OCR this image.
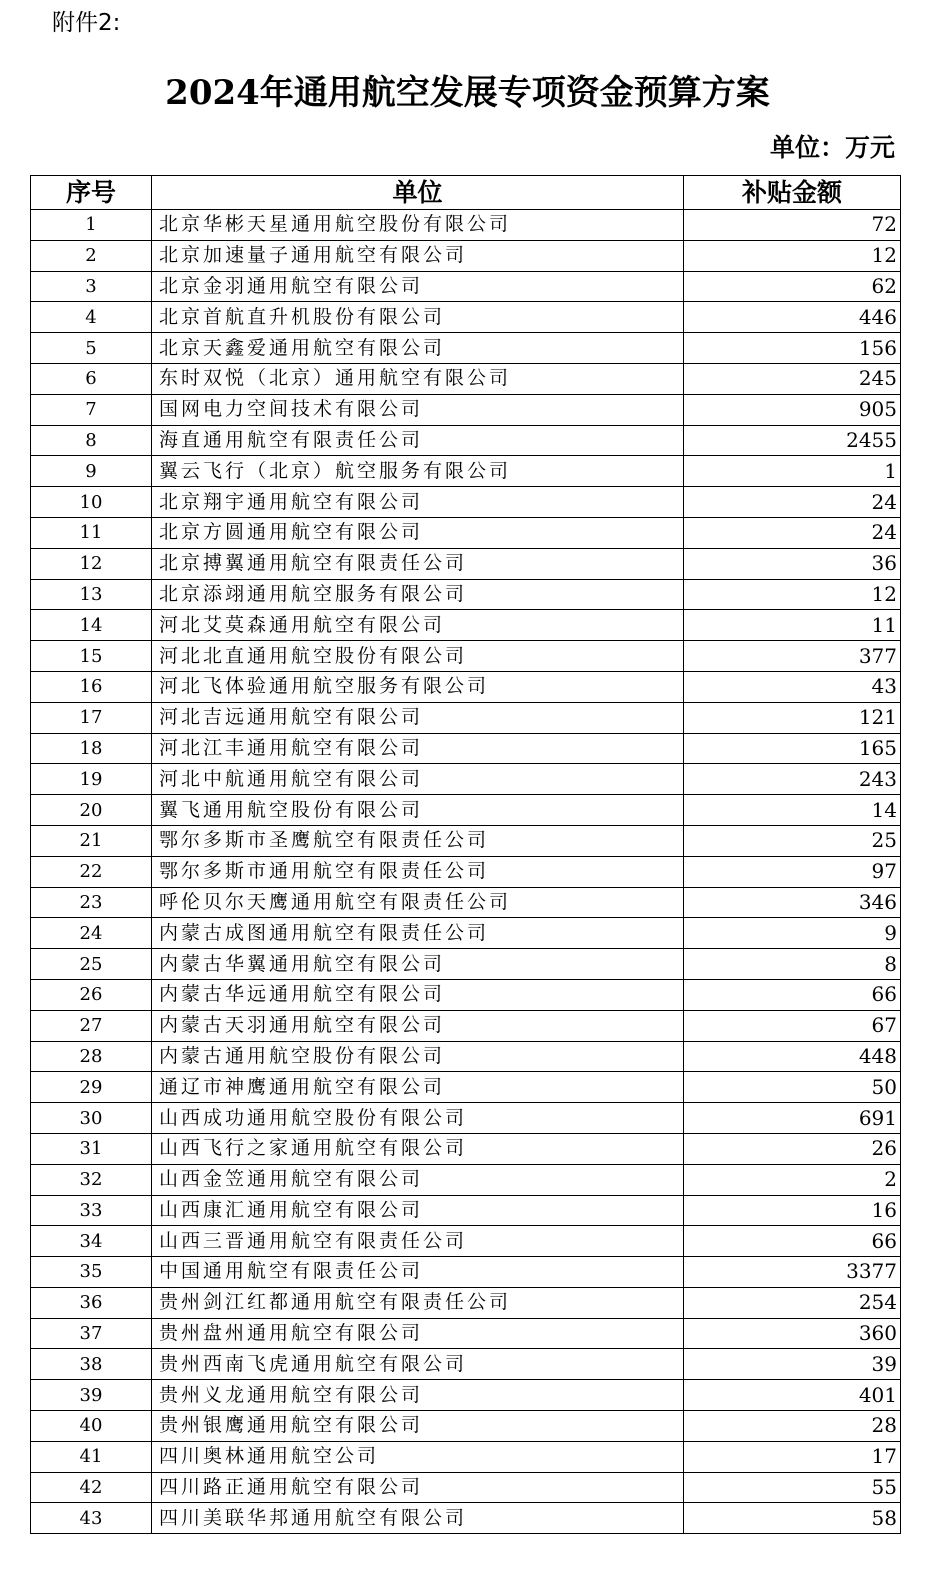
附件2:
2024年通用航空发展专项资金预算方案
单位：万元
序号	单位	补贴金额
1	北京华彬天星通用航空股份有限公司	72
2	北京加速量子通用航空有限公司	12
3	北京金羽通用航空有限公司	62
4	北京首航直升机股份有限公司	446
5	北京天鑫爱通用航空有限公司	156
6	东时双悦（北京）通用航空有限公司	245
7	国网电力空间技术有限公司	905
8	海直通用航空有限责任公司	2455
9	翼云飞行（北京）航空服务有限公司	1
10	北京翔宇通用航空有限公司	24
11	北京方圆通用航空有限公司	24
12	北京搏翼通用航空有限责任公司	36
13	北京添翊通用航空服务有限公司	12
14	河北艾莫森通用航空有限公司	11
15	河北北直通用航空股份有限公司	377
16	河北飞体验通用航空服务有限公司	43
17	河北吉远通用航空有限公司	121
18	河北江丰通用航空有限公司	165
19	河北中航通用航空有限公司	243
20	翼飞通用航空股份有限公司	14
21	鄂尔多斯市圣鹰航空有限责任公司	25
22	鄂尔多斯市通用航空有限责任公司	97
23	呼伦贝尔天鹰通用航空有限责任公司	346
24	内蒙古成图通用航空有限责任公司	9
25	内蒙古华翼通用航空有限公司	8
26	内蒙古华远通用航空有限公司	66
27	内蒙古天羽通用航空有限公司	67
28	内蒙古通用航空股份有限公司	448
29	通辽市神鹰通用航空有限公司	50
30	山西成功通用航空股份有限公司	691
31	山西飞行之家通用航空有限公司	26
32	山西金笠通用航空有限公司	2
33	山西康汇通用航空有限公司	16
34	山西三晋通用航空有限责任公司	66
35	中国通用航空有限责任公司	3377
36	贵州剑江红都通用航空有限责任公司	254
37	贵州盘州通用航空有限公司	360
38	贵州西南飞虎通用航空有限公司	39
39	贵州义龙通用航空有限公司	401
40	贵州银鹰通用航空有限公司	28
41	四川奥林通用航空公司	17
42	四川路正通用航空有限公司	55
43	四川美联华邦通用航空有限公司	58
